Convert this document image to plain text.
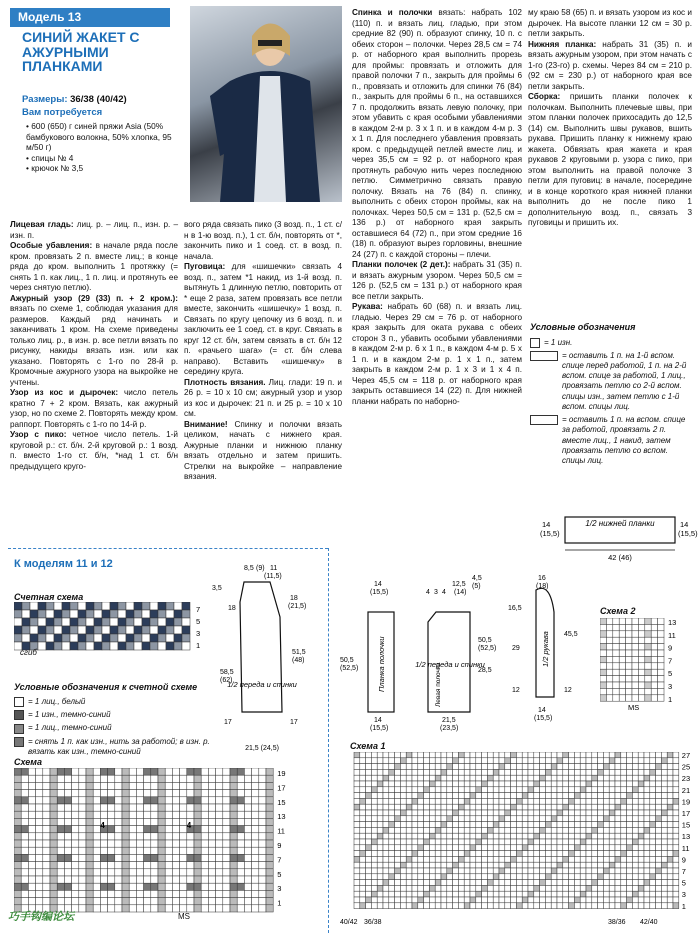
Модель 13
СИНИЙ ЖАКЕТ С АЖУРНЫМИ ПЛАНКАМИ
Размеры: 36/38 (40/42)
Вам потребуется
• 600 (650) г синей пряжи Asia (50% бамбукового волокна, 50% хлопка, 95 м/50 г)
• спицы № 4
• крючок № 3,5

Лицевая гладь: лиц. р. – лиц. п., изн. р. – изн. п.

Особые убавления: в начале ряда после кром. провязать 2 п. вместе лиц.; в конце ряда до кром. выполнить 1 протяжку (= снять 1 п. как лиц., 1 п. лиц. и протянуть ее через снятую петлю).

Ажурный узор (29 (33) п. + 2 кром.): вязать по схеме 1, соблюдая указания для размеров. Каждый ряд начинать и заканчивать 1 кром. На схеме приведены только лиц. р., в изн. р. все петли вязать по рисунку, накиды вязать изн. или как указано. Повторять с 1-го по 28-й р. Кромочные ажурного узора на выкройке не учтены.

Узор из кос и дырочек: число петель кратно 7 + 2 кром. Вязать, как ажурный узор, но по схеме 2. Повторять между кром. раппорт. Повторять с 1-го по 14-й р.

Узор с пико: четное число петель. 1-й круговой р.: ст. б/н. 2-й круговой р.: 1 возд. п. вместо 1-го ст. б/н, *над 1 ст. б/н предыдущего круго-

вого ряда связать пико (3 возд. п., 1 ст. с/н в 1-ю возд. п.), 1 ст. б/н, повторять от *, закончить пико и 1 соед. ст. в возд. п. начала.

Пуговица: для «шишечки» связать 4 возд. п., затем *1 накид, из 1-й возд. п. вытянуть 1 длинную петлю, повторить от * еще 2 раза, затем провязать все петли вместе, закончить «шишечку» 1 возд. п. Связать по кругу цепочку из 6 возд. п. и заключить ее 1 соед. ст. в круг. Связать в круг 12 ст. б/н, затем связать в ст. б/н 12 п. «рачьего шага» (= ст. б/н слева направо). Вставить «шишечку» в середину круга.

Плотность вязания. Лиц. глади: 19 п. и 26 р. = 10 х 10 см; ажурный узор и узор из кос и дырочек: 21 п. и 25 р. = 10 х 10 см.

Внимание! Спинку и полочки вязать целиком, начать с нижнего края. Ажурные планки и нижнюю планку вязать отдельно и затем пришить. Стрелки на выкройке – направление вязания.

Спинка и полочки вязать: набрать 102 (110) п. и вязать лиц. гладью, при этом средние 82 (90) п. образуют спинку, 10 п. с обеих сторон – полочки. Через 28,5 см = 74 р. от наборного края выполнить прорезь для проймы: провязать и отложить для правой полочки 7 п., закрыть для проймы 6 п., провязать и отложить для спинки 76 (84) п., закрыть для проймы 6 п., на оставшихся 7 п. продолжить вязать левую полочку, при этом убавить с края особыми убавлениями в каждом 2-м р. 3 х 1 п. и в каждом 4-м р. 3 х 1 п. Для последнего убавления провязать кром. с предыдущей петлей вместе лиц. и через 35,5 см = 92 р. от наборного края протянуть рабочую нить через последнюю петлю. Симметрично связать правую полочку. Вязать на 76 (84) п. спинку, выполнить с обеих сторон проймы, как на полочках. Через 50,5 см = 131 р. (52,5 см = 136 р.) от наборного края закрыть оставшиеся 64 (72) п., при этом средние 16 (18) п. образуют вырез горловины, внешние 24 (27) п. с каждой стороны – плечи.

Планки полочек (2 дет.): набрать 31 (35) п. и вязать ажурным узором. Через 50,5 см = 126 р. (52,5 см = 131 р.) от наборного края все петли закрыть.

Рукава: набрать 60 (68) п. и вязать лиц. гладью. Через 29 см = 76 р. от наборного края закрыть для оката рукава с обеих сторон 3 п., убавить особыми убавлениями в каждом 2-м р. 6 х 1 п., в каждом 4-м р. 5 х 1 п. и в каждом 2-м р. 1 х 1 п., затем закрыть в каждом 2-м р. 1 х 3 и 1 х 4 п. Через 45,5 см = 118 р. от наборного края закрыть оставшиеся 14 (22) п. Для нижней планки набрать по наборно-

му краю 58 (65) п. и вязать узором из кос и дырочек. На высоте планки 12 см = 30 р. петли закрыть.

Нижняя планка: набрать 31 (35) п. и вязать ажурным узором, при этом начать с 1-го (23-го) р. схемы. Через 84 см = 210 р. (92 см = 230 р.) от наборного края все петли закрыть.

Сборка: пришить планки полочек к полочкам. Выполнить плечевые швы, при этом планки полочек прихосадить до 12,5 (14) см. Выполнить швы рукавов, вшить рукава. Пришить планку к нижнему краю жакета. Обвязать края жакета и края рукавов 2 круговыми р. узора с пико, при этом выполнить на правой полочке 3 петли для пуговиц: в начале, посередине и в конце короткого края нижней планки выполнить до не после пико 1 дополнительную возд. п., связать 3 пуговицы и пришить их.

Условные обозначения
= 1 изн.
= оставить 1 п. на 1-й вспом. спице перед работой, 1 п. на 2-й вспом. спице за работой, 1 лиц., провязать петлю со 2-й вспом. спицы изн., затем петлю с 1-й вспом. спицы лиц.
= оставить 1 п. на вспом. спице за работой, провязать 2 п. вместе лиц., 1 накид, затем провязать петлю со вспом. спицы лиц.
1/2 нижней планки
14
(15,5)
14
(15,5)
42 (46)
К моделям 11 и 12
Счетная схема
7
5
3
1
сгиб
Условные обозначения к счетной схеме
= 1 лиц., белый
= 1 изн., темно-синий
= 1 лиц., темно-синий
= снять 1 п. как изн., нить за работой; в изн. р. вязать как изн., темно-синий
Схема
19
17
15
13
11
9
7
5
3
1
4	4
MS
8,5 (9) 11
(11,5)
3,5
18
18
(21,5)
51,5
(48)
58,5
(62)
17	17
1/2 переда и спинки
21,5 (24,5)
14
(15,5)
50,5
(52,5) Планка полочки
14
(15,5)
4 3 4
12,5
(14)
4,5
(5)
50,5
(52,5)
28,5
1/2 переда и спинки
Левая полочка
21,5
(23,5)
16
(18)
16,5
29
12
45,5
12
1/2 рукава
14
(15,5)
Схема 2
13
11
9
7
5
3
1
MS
Схема 1
27
25
23
21
19
17
15
13
11
9
7
5
3
1
40/42 36/38	38/36 42/40
巧手钩编论坛
